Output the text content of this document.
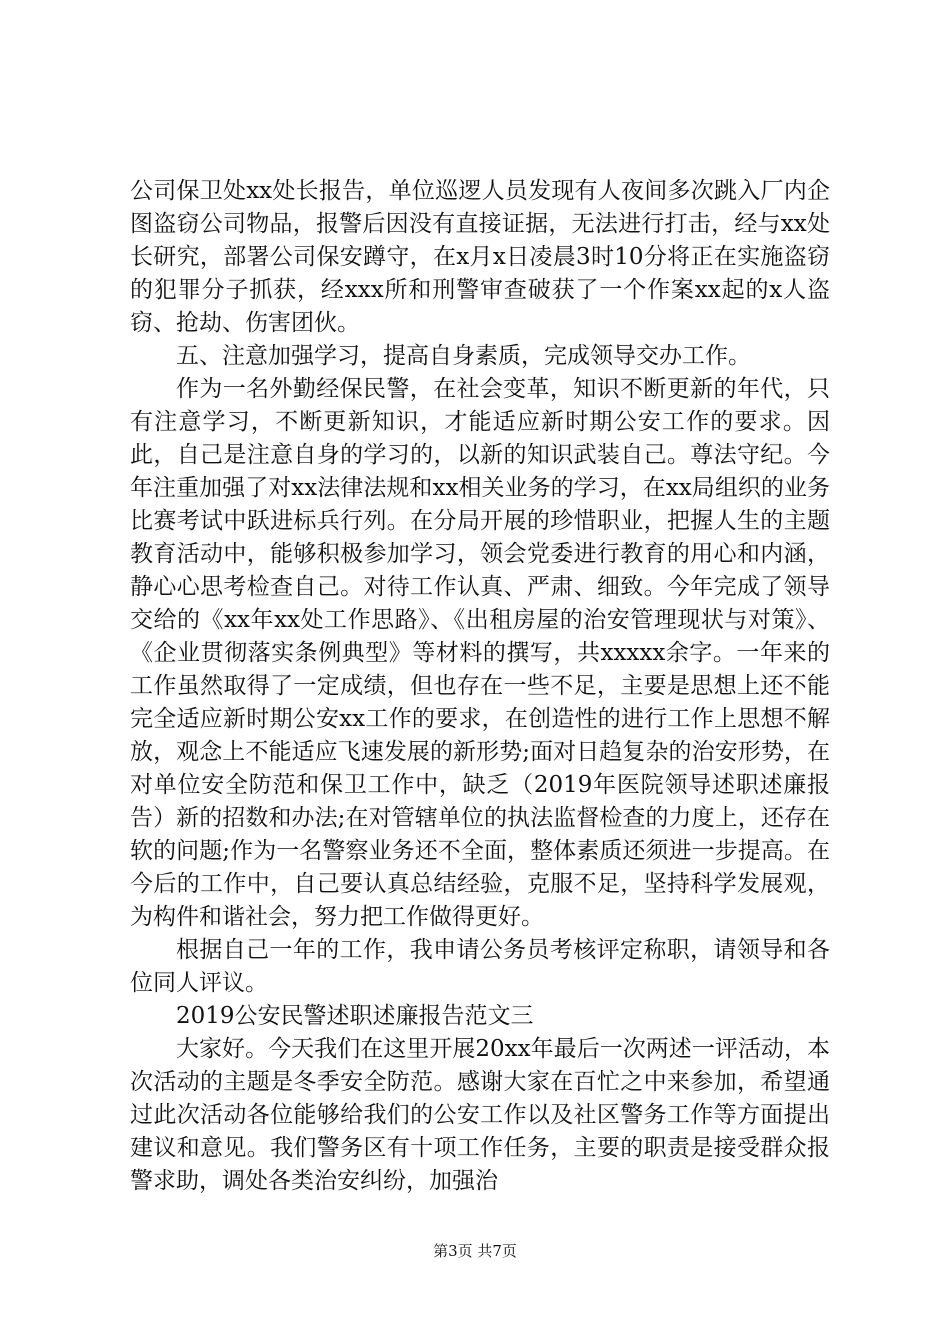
公司保卫处xx处长报告，单位巡逻人员发现有人夜间多次跳入厂内企图盗窃公司物品，报警后因没有直接证据，无法进行打击，经与xx处长研究，部署公司保安蹲守，在x月x日凌晨3时10分将正在实施盗窃的犯罪分子抓获，经xxx所和刑警审查破获了一个作案xx起的x人盗窃、抢劫、伤害团伙。

五、注意加强学习，提高自身素质，完成领导交办工作。

作为一名外勤经保民警，在社会变革，知识不断更新的年代，只有注意学习，不断更新知识，才能适应新时期公安工作的要求。因此，自己是注意自身的学习的，以新的知识武装自己。尊法守纪。今年注重加强了对xx法律法规和xx相关业务的学习，在xx局组织的业务比赛考试中跃进标兵行列。在分局开展的珍惜职业，把握人生的主题教育活动中，能够积极参加学习，领会党委进行教育的用心和内涵，静心心思考检查自己。对待工作认真、严肃、细致。今年完成了领导交给的《xx年xx处工作思路》、《出租房屋的治安管理现状与对策》、《企业贯彻落实条例典型》等材料的撰写，共xxxxx余字。一年来的工作虽然取得了一定成绩，但也存在一些不足，主要是思想上还不能完全适应新时期公安xx工作的要求，在创造性的进行工作上思想不解放，观念上不能适应飞速发展的新形势;面对日趋复杂的治安形势，在对单位安全防范和保卫工作中，缺乏（2019年医院领导述职述廉报告）新的招数和办法;在对管辖单位的执法监督检查的力度上，还存在软的问题;作为一名警察业务还不全面，整体素质还须进一步提高。在今后的工作中，自己要认真总结经验，克服不足，坚持科学发展观，为构件和谐社会，努力把工作做得更好。

根据自己一年的工作，我申请公务员考核评定称职，请领导和各位同人评议。

2019公安民警述职述廉报告范文三

大家好。今天我们在这里开展20xx年最后一次两述一评活动，本次活动的主题是冬季安全防范。感谢大家在百忙之中来参加，希望通过此次活动各位能够给我们的公安工作以及社区警务工作等方面提出建议和意见。我们警务区有十项工作任务，主要的职责是接受群众报警求助，调处各类治安纠纷，加强治

第3页 共7页
